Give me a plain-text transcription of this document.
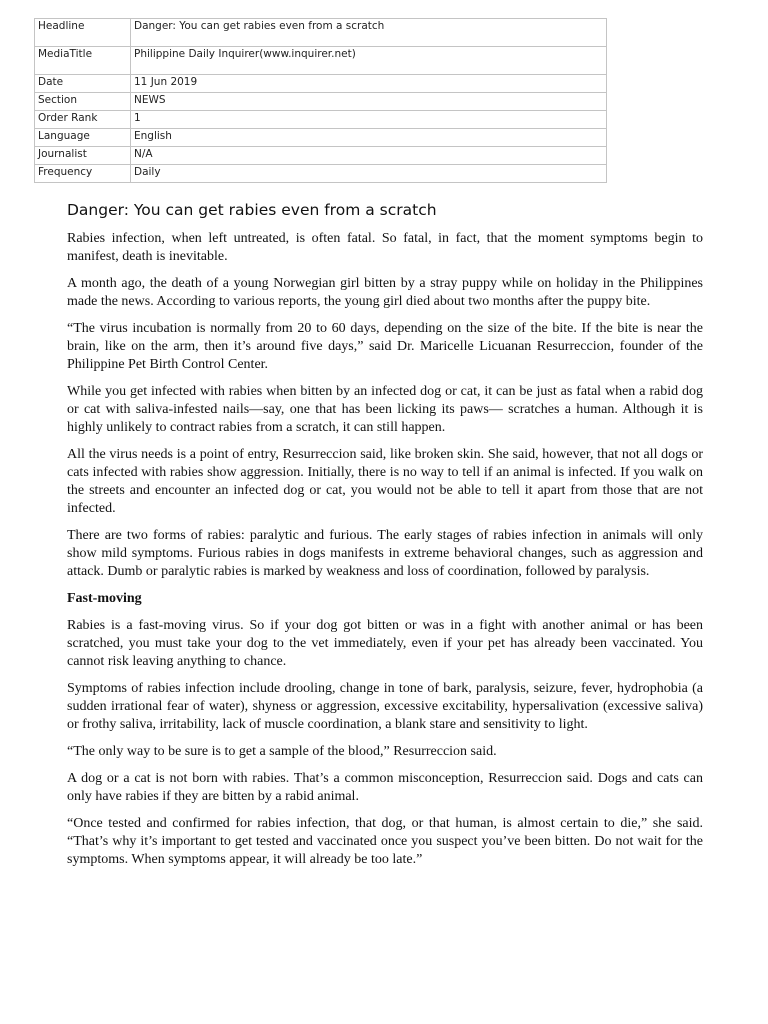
Headline	Danger: You can get rabies even from a scratch
MediaTitle	Philippine Daily Inquirer(www.inquirer.net)
Date	11 Jun 2019
Section	NEWS
Order Rank	1
Language	English
Journalist	N/A
Frequency	Daily
Danger: You can get rabies even from a scratch

Rabies infection, when left untreated, is often fatal. So fatal, in fact, that the moment symptoms begin to manifest, death is inevitable.

A month ago, the death of a young Norwegian girl bitten by a stray puppy while on holiday in the Philippines made the news. According to various reports, the young girl died about two months after the puppy bite.

“The virus incubation is normally from 20 to 60 days, depending on the size of the bite. If the bite is near the brain, like on the arm, then it’s around five days,” said Dr. Maricelle Licuanan Resurreccion, founder of the Philippine Pet Birth Control Center.

While you get infected with rabies when bitten by an infected dog or cat, it can be just as fatal when a rabid dog or cat with saliva-infested nails—say, one that has been licking its paws— scratches a human. Although it is highly unlikely to contract rabies from a scratch, it can still happen.

All the virus needs is a point of entry, Resurreccion said, like broken skin. She said, however, that not all dogs or cats infected with rabies show aggression. Initially, there is no way to tell if an animal is infected. If you walk on the streets and encounter an infected dog or cat, you would not be able to tell it apart from those that are not infected.

There are two forms of rabies: paralytic and furious. The early stages of rabies infection in animals will only show mild symptoms. Furious rabies in dogs manifests in extreme behavioral changes, such as aggression and attack. Dumb or paralytic rabies is marked by weakness and loss of coordination, followed by paralysis.

Fast-moving

Rabies is a fast-moving virus. So if your dog got bitten or was in a fight with another animal or has been scratched, you must take your dog to the vet immediately, even if your pet has already been vaccinated. You cannot risk leaving anything to chance.

Symptoms of rabies infection include drooling, change in tone of bark, paralysis, seizure, fever, hydrophobia (a sudden irrational fear of water), shyness or aggression, excessive excitability, hypersalivation (excessive saliva) or frothy saliva, irritability, lack of muscle coordination, a blank stare and sensitivity to light.

“The only way to be sure is to get a sample of the blood,” Resurreccion said.

A dog or a cat is not born with rabies. That’s a common misconception, Resurreccion said. Dogs and cats can only have rabies if they are bitten by a rabid animal.

“Once tested and confirmed for rabies infection, that dog, or that human, is almost certain to die,” she said. “That’s why it’s important to get tested and vaccinated once you suspect you’ve been bitten. Do not wait for the symptoms. When symptoms appear, it will already be too late.”
